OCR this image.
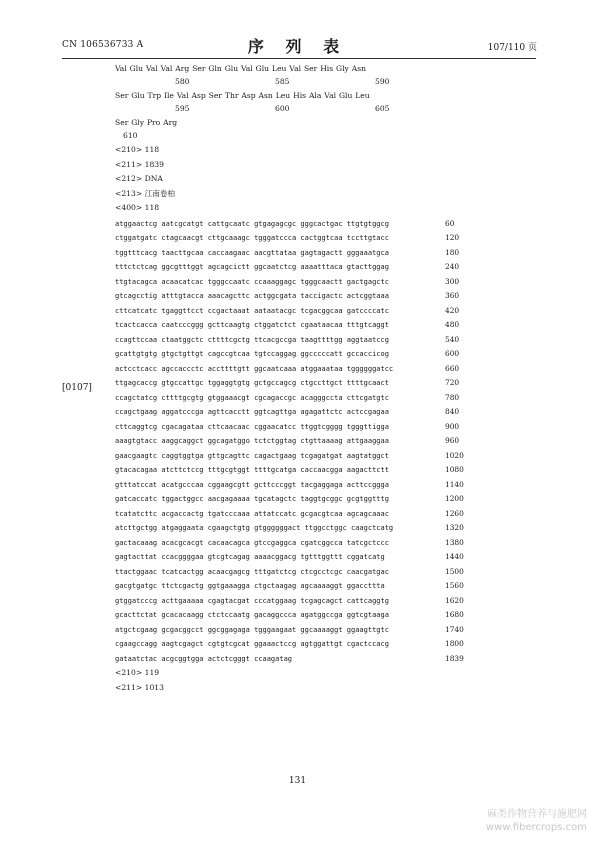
CN 106536733 A	序 列 表	107/110 页
[0107]
Val Glu Val Val Arg Ser Gln Glu Val Glu Leu Val Ser His Gly Asn
580	585	590
Ser Glu Trp Ile Val Asp Ser Thr Asp Asn Leu His Ala Val Glu Leu
595	600	605
Ser Gly Pro Arg
610
<210> 118
<211> 1839
<212> DNA
<213> 江南卷柏
<400> 118
atggaactcg aatcgcatgt cattgcaatc gtgagagcgc gggcactgac ttgtgtggcg	60
ctggatgatc ctagcaacgt cttgcaaagc tgggatccca cactggtcaa tccttgtacc	120
tggtttcacg taacttgcaa caccaagaac aacgttataa gagtagactt gggaaatgca	180
tttctctcag ggcgtttggt agcagcictt ggcaatctcg aaaatttaca gtacttggag	240
ttgtacagca acaacatcac tgggccaatc ccaaaggagc tgggcaactt gactgagctc	300
gtcagcctig atttgtacca aaacagcttc actggcgata taccigactc actcggtaaa	360
cttcatcatc tgaggttcct ccgactaaat aataatacgc tcgacggcaa gatccccatc	420
tcactcacca caatcccggg gcttcaagtg ctggatctct cgaataacaa tttgtcaggt	480
ccagttccaa ctaatggctc cttttcgctg ttcacgccga taagttttgg aggtaatccg	540
gcattgtgtg gtgctgttgt cagccgtcaa tgtccaggag ggcccccatt gccaccicog	600
actcctcacc agccaccctc accttttgtt ggcaatcaaa atggaaataa tggggggatcc	660
ttgagcaccg gtgccattgc tggaggtgtg gctgccagcg ctgccttgct ttttgcaact	720
ccagctatcg cttttgcgtg gtggaaacgt cgcagaccgc acagggccta cttcgatgtc	780
ccagctgaag aggatcccga agttcacctt ggtcagttga agagattctc actccgagaa	840
cttcaggtcg cgacagataa cttcaacaac cggaacatcc ttggtcgggg tgggttiggа	900
aaagtgtacc aaggcaggct ggcagatggo tctctggtag ctgttaaaag attgaaggaa	960
gaacgaagtc caggtggtga gttgcagttc cagactgaag tcgagatgat aagtatggct	1020
gtacacagaa atcttctccg tttgcgtggt ttttgcatga caccaacgga aagacttctt	1080
gtttatccat acatgcccaa cggaagcgtt gcttcccggt tacgaggaga acttccggga	1140
gatcaccatc tggactggcc aacgagaaaa tgcatagctc taggtgcggc gcgtggtttg	1200
tcatatcttc acgaccactg tgatcccaaa attatccatc gcgacgtcaa agcagcaaac	1260
atcttgctgg atgaggaata cgaagctgtg gtggggggact ttggcctggc caagctcatg	1320
gactacaaag acacgcacgt cacaacagca gtccgaggca cgatcggcca tatcgctccc	1380
gagtacttat ccacggggaa gtcgtcagag aaaacggacg tgtttggttt cggatcatg	1440
ttactggaac tcatcactgg acaacgagcg tttgatctcg ctcgcctcgc caacgatgac	1500
gacgtgatgc ttctcgactg ggtgaaaggа ctgctaagag agcaaaaggt ggaccttta	1560
gtggatcccg acttgaaaaa cgagtacgat cccatggaag tcgagcagct cattcaggtg	1620
gcacttctat gcacacaagg ctctccaatg gacaggccca agatggccga ggtcgtaaga	1680
atgctcgaag gcgacggcct ggcggagaga tgggaagaat ggcaaaaggt ggaagttgtc	1740
cgaagccagg aagtcgagct cgtgtcgcat ggaaactccg agtggattgt cgactccacg	1800
gataatctac acgcggtgga actctcgggt ccaagatag	1839
<210> 119
<211> 1013
131
麻类作物营养与施肥网
www.fibercrops.com
